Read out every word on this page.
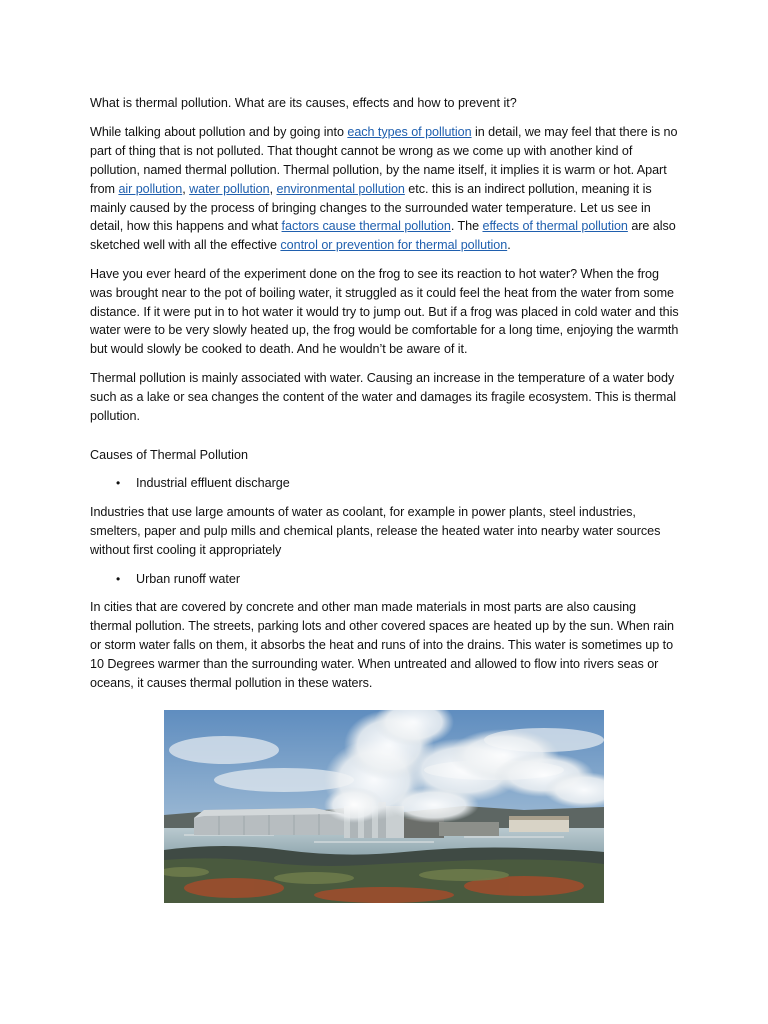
What is thermal pollution. What are its causes, effects and how to prevent it?

While talking about pollution and by going into each types of pollution in detail, we may feel that there is no part of thing that is not polluted. That thought cannot be wrong as we come up with another kind of pollution, named thermal pollution. Thermal pollution, by the name itself, it implies it is warm or hot. Apart from air pollution, water pollution, environmental pollution etc. this is an indirect pollution, meaning it is mainly caused by the process of bringing changes to the surrounded water temperature. Let us see in detail, how this happens and what factors cause thermal pollution. The effects of thermal pollution are also sketched well with all the effective control or prevention for thermal pollution.

Have you ever heard of the experiment done on the frog to see its reaction to hot water? When the frog was brought near to the pot of boiling water, it struggled as it could feel the heat from the water from some distance. If it were put in to hot water it would try to jump out. But if a frog was placed in cold water and this water were to be very slowly heated up, the frog would be comfortable for a long time, enjoying the warmth but would slowly be cooked to death. And he wouldn’t be aware of it.

Thermal pollution is mainly associated with water. Causing an increase in the temperature of a water body such as a lake or sea changes the content of the water and damages its fragile ecosystem. This is thermal pollution.

Causes of Thermal Pollution

•	Industrial effluent discharge

Industries that use large amounts of water as coolant, for example in power plants, steel industries, smelters, paper and pulp mills and chemical plants, release the heated water into nearby water sources without first cooling it appropriately

•	Urban runoff water

In cities that are covered by concrete and other man made materials in most parts are also causing thermal pollution. The streets, parking lots and other covered spaces are heated up by the sun. When rain or storm water falls on them, it absorbs the heat and runs of into the drains. This water is sometimes up to 10 Degrees warmer than the surrounding water. When untreated and allowed to flow into rivers seas or oceans, it causes thermal pollution in these waters.
